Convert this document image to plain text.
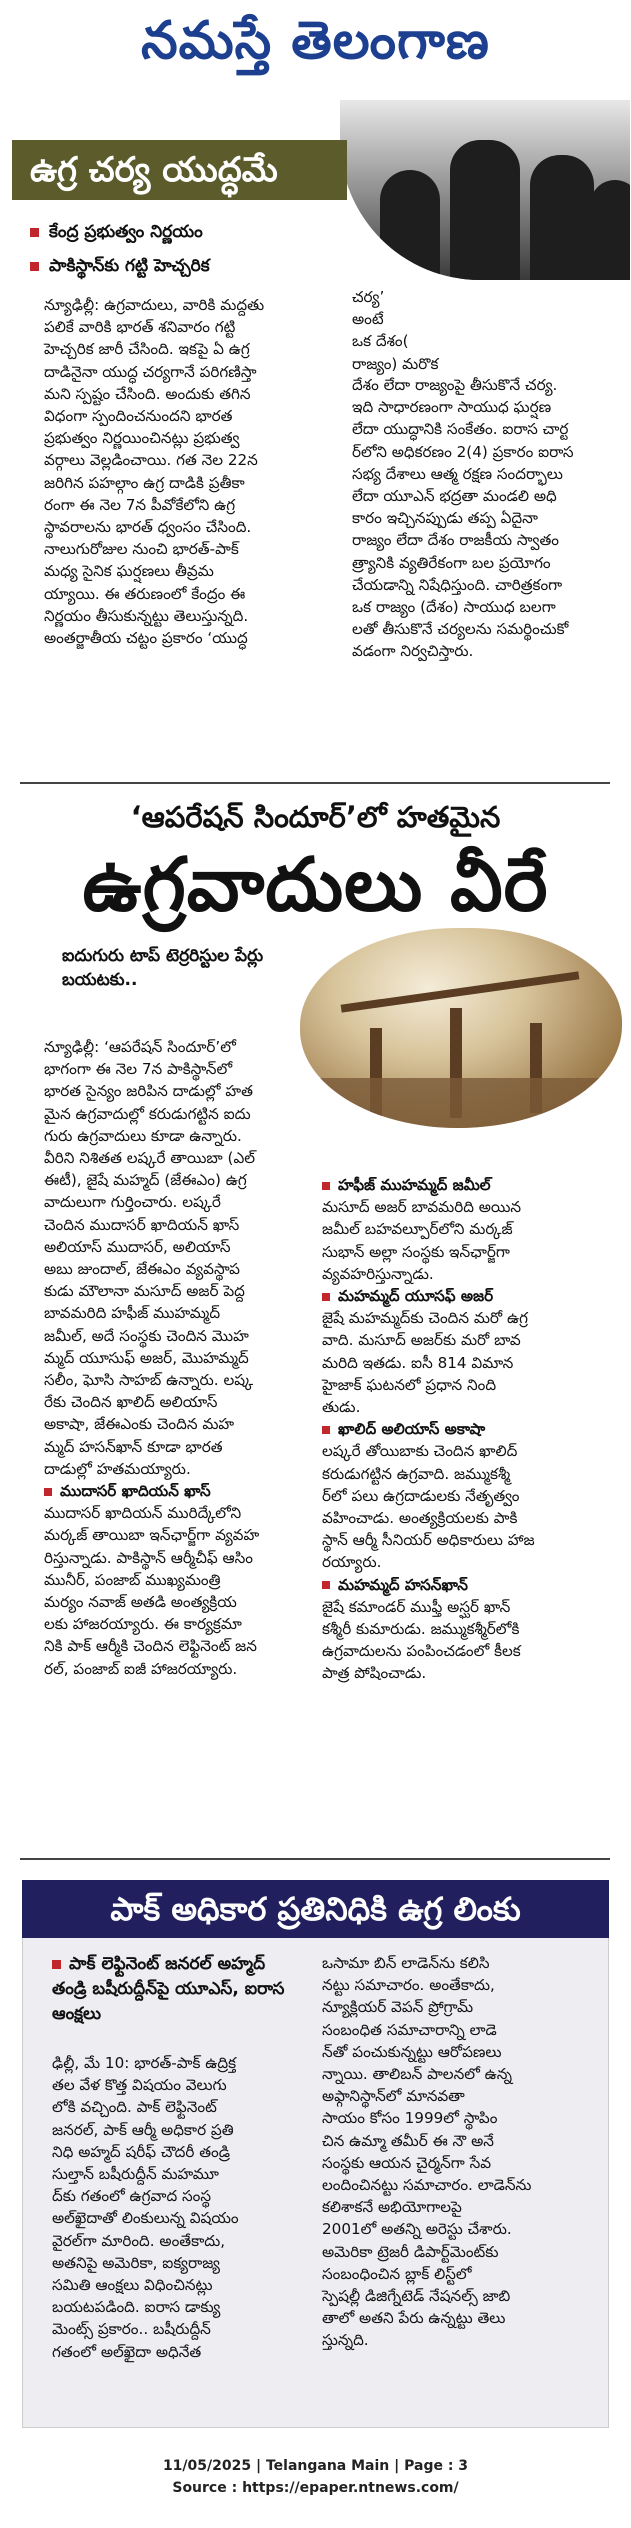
నమస్తే తెలంగాణ
ఉగ్ర చర్య యుద్ధమే
కేంద్ర ప్రభుత్వం నిర్ణయం
పాకిస్థాన్‌కు గట్టి హెచ్చరిక

న్యూఢిల్లీ: ఉగ్రవాదులు, వారికి మద్దతు

పలికే వారికి భారత్ శనివారం గట్టి

హెచ్చరిక జారీ చేసింది. ఇకపై ఏ ఉగ్ర

దాడినైనా యుద్ధ చర్యగానే పరిగణిస్తా

మని స్పష్టం చేసింది. అందుకు తగిన

విధంగా స్పందించనుందని భారత

ప్రభుత్వం నిర్ణయించినట్లు ప్రభుత్వ

వర్గాలు వెల్లడించాయి. గత నెల 22న

జరిగిన పహల్గాం ఉగ్ర దాడికి ప్రతీకా

రంగా ఈ నెల 7న పీవోకేలోని ఉగ్ర

స్థావరాలను భారత్ ధ్వంసం చేసింది.

నాలుగురోజుల నుంచి భారత్-పాక్

మధ్య సైనిక ఘర్షణలు తీవ్రమ

య్యాయి. ఈ తరుణంలో కేంద్రం ఈ

నిర్ణయం తీసుకున్నట్టు తెలుస్తున్నది.

అంతర్జాతీయ చట్టం ప్రకారం ‘యుద్ధ

చర్య’

అంటే

ఒక దేశం(

రాజ్యం) మరొక

దేశం లేదా రాజ్యంపై తీసుకొనే చర్య.

ఇది సాధారణంగా సాయుధ ఘర్షణ

లేదా యుద్ధానికి సంకేతం. ఐరాస చార్ట

ర్‌లోని అధికరణం 2(4) ప్రకారం ఐరాస

సభ్య దేశాలు ఆత్మ రక్షణ సందర్భాలు

లేదా యూఎన్ భద్రతా మండలి అధి

కారం ఇచ్చినప్పుడు తప్ప ఏదైనా

రాజ్యం లేదా దేశం రాజకీయ స్వాతం

త్ర్యానికి వ్యతిరేకంగా బల ప్రయోగం

చేయడాన్ని నిషేధిస్తుంది. చారిత్రకంగా

ఒక రాజ్యం (దేశం) సాయుధ బలగా

లతో తీసుకొనే చర్యలను సమర్థించుకో

వడంగా నిర్వచిస్తారు.

‘ఆపరేషన్ సిందూర్’లో హతమైన
ఉగ్రవాదులు వీరే
ఐదుగురు టాప్ టెర్రరిస్టుల పేర్లు బయటకు..

న్యూఢిల్లీ: ‘ఆపరేషన్ సిందూర్’లో

భాగంగా ఈ నెల 7న పాకిస్థాన్‌లో

భారత సైన్యం జరిపిన దాడుల్లో హత

మైన ఉగ్రవాదుల్లో కరుడుగట్టిన ఐదు

గురు ఉగ్రవాదులు కూడా ఉన్నారు.

వీరిని నిశితత లష్కరే తాయిబా (ఎల్

ఈటీ), జైషే మహ్మద్ (జేఈఎం) ఉగ్ర

వాదులుగా గుర్తించారు. లష్కరే

చెందిన ముదాసర్ ఖాదియన్ ఖాస్

అలియాస్ ముదాసర్, అలియాస్

అబు జుందాల్, జేఈఎం వ్యవస్థాప

కుడు మౌలానా మసూద్ అజర్ పెద్ద

బావమరిది హఫీజ్ ముహమ్మద్

జమీల్, అదే సంస్థకు చెందిన మొహ

మ్మద్ యూసుఫ్ అజర్, మొహమ్మద్

సలీం, ఘోసి సాహబ్ ఉన్నారు. లష్క

రేకు చెందిన ఖాలిద్ అలియాస్

అకాషా, జేఈఎంకు చెందిన మహ

మ్మద్ హసన్‌ఖాన్ కూడా భారత

దాడుల్లో హతమయ్యారు.

ముదాసర్ ఖాదియన్ ఖాస్

ముదాసర్ ఖాదియన్ మురిద్కేలోని

మర్కజ్ తాయిబా ఇన్‌ఛార్జ్‌గా వ్యవహ

రిస్తున్నాడు. పాకిస్థాన్ ఆర్మీచీఫ్ ఆసిం

మునీర్, పంజాబ్ ముఖ్యమంత్రి

మర్యం నవాజ్ అతడి అంత్యక్రియ

లకు హాజరయ్యారు. ఈ కార్యక్రమా

నికి పాక్ ఆర్మీకి చెందిన లెఫ్టినెంట్ జన

రల్, పంజాబ్ ఐజీ హాజరయ్యారు.

హఫీజ్ ముహమ్మద్ జమీల్

మసూద్ అజర్ బావమరిది అయిన

జమీల్ బహవల్పూర్‌లోని మర్కజ్

సుభాన్ అల్లా సంస్థకు ఇన్‌ఛార్జ్‌గా

వ్యవహరిస్తున్నాడు.

మహమ్మద్ యూసఫ్ అజర్

జైషే మహమ్మద్‌కు చెందిన మరో ఉగ్ర

వాది. మసూద్ అజర్‌కు మరో బావ

మరిది ఇతడు. ఐసీ 814 విమాన

హైజాక్ ఘటనలో ప్రధాన నింది

తుడు.

ఖాలిద్ అలియాస్ అకాషా

లష్కరే తోయిబాకు చెందిన ఖాలిద్

కరుడుగట్టిన ఉగ్రవాది. జమ్ముకశ్మీ

ర్‌లో పలు ఉగ్రదాడులకు నేతృత్వం

వహించాడు. అంత్యక్రియలకు పాకి

స్థాన్ ఆర్మీ సీనియర్ అధికారులు హాజ

రయ్యారు.

మహమ్మద్ హసన్‌ఖాన్

జైషే కమాండర్ ముఫ్తీ అస్ఘర్ ఖాన్

కశ్మీరీ కుమారుడు. జమ్ముకశ్మీర్‌లోకి

ఉగ్రవాదులను పంపించడంలో కీలక

పాత్ర పోషించాడు.

పాక్ అధికార ప్రతినిధికి ఉగ్ర లింకు
పాక్ లెఫ్టినెంట్ జనరల్ అహ్మద్ తండ్రి బషీరుద్దీన్‌పై యూఎస్, ఐరాస ఆంక్షలు

ఢిల్లీ, మే 10: భారత్-పాక్ ఉద్రిక్త

తల వేళ కొత్త విషయం వెలుగు

లోకి వచ్చింది. పాక్ లెఫ్టినెంట్

జనరల్, పాక్ ఆర్మీ అధికార ప్రతి

నిధి అహ్మద్ షరీఫ్ చౌదరీ తండ్రి

సుల్తాన్ బషీరుద్దీన్ మహమూ

ద్‌కు గతంలో ఉగ్రవాద సంస్థ

అల్‌ఖైదాతో లింకులున్న విషయం

వైరల్‌గా మారింది. అంతేకాదు,

అతనిపై అమెరికా, ఐక్యరాజ్య

సమితి ఆంక్షలు విధించినట్లు

బయటపడింది. ఐరాస డాక్యు

మెంట్స్ ప్రకారం.. బషీరుద్దీన్

గతంలో అల్‌ఖైదా అధినేత

ఒసామా బిన్ లాడెన్‌ను కలిసి

నట్టు సమాచారం. అంతేకాదు,

న్యూక్లియర్ వెపన్ ప్రోగ్రామ్

సంబంధిత సమాచారాన్ని లాడె

న్‌తో పంచుకున్నట్టు ఆరోపణలు

న్నాయి. తాలిబన్ పాలనలో ఉన్న

అఫ్గానిస్థాన్‌లో మానవతా

సాయం కోసం 1999లో స్థాపిం

చిన ఉమ్మా తమీర్ ఈ నౌ అనే

సంస్థకు ఆయన చైర్మన్‌గా సేవ

లందించినట్టు సమాచారం. లాడెన్‌ను

కలిశాకనే అభియోగాలపై

2001లో అతన్ని అరెస్టు చేశారు.

అమెరికా ట్రెజరీ డిపార్ట్‌మెంట్‌కు

సంబంధించిన బ్లాక్ లిస్ట్‌లో

స్పెషల్లీ డిజిగ్నేటెడ్ నేషనల్స్ జాబి

తాలో అతని పేరు ఉన్నట్టు తెలు

స్తున్నది.

11/05/2025 | Telangana Main | Page : 3
Source : https://epaper.ntnews.com/
